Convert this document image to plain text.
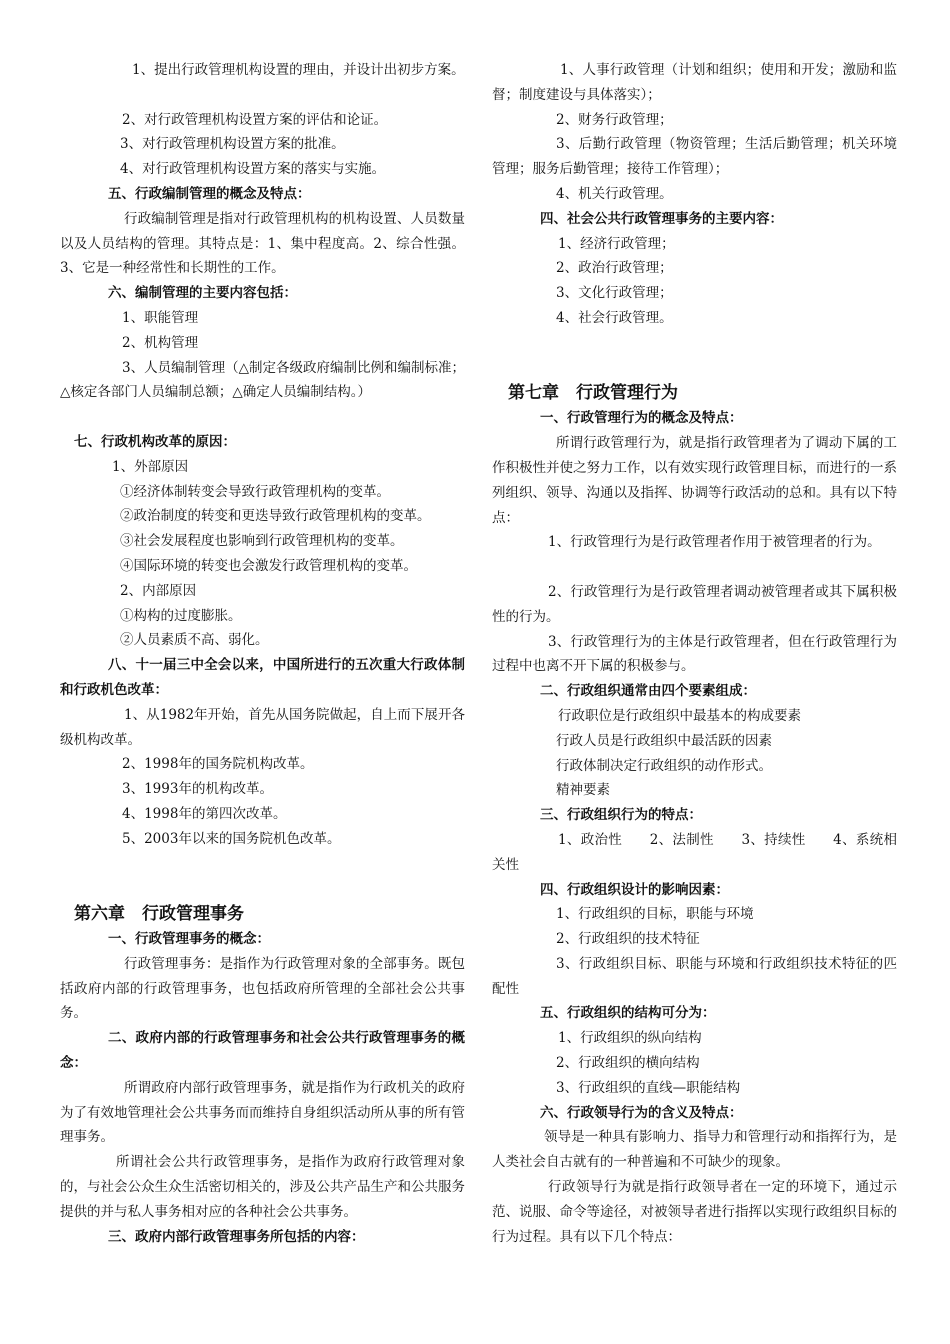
1、提出行政管理机构设置的理由，并设计出初步方案。
2、对行政管理机构设置方案的评估和论证。
3、对行政管理机构设置方案的批准。
4、对行政管理机构设置方案的落实与实施。
五、行政编制管理的概念及特点：
行政编制管理是指对行政管理机构的机构设置、人员数量以及人员结构的管理。其特点是：1、集中程度高。2、综合性强。3、它是一种经常性和长期性的工作。
六、编制管理的主要内容包括：
1、职能管理
2、机构管理
3、人员编制管理（△制定各级政府编制比例和编制标准；△核定各部门人员编制总额；△确定人员编制结构。）
七、行政机构改革的原因：
1、外部原因
①经济体制转变会导致行政管理机构的变革。
②政治制度的转变和更迭导致行政管理机构的变革。
③社会发展程度也影响到行政管理机构的变革。
④国际环境的转变也会激发行政管理机构的变革。
2、内部原因
①构构的过度膨胀。
②人员素质不高、弱化。
八、十一届三中全会以来，中国所进行的五次重大行政体制和行政机色改革：
1、从1982年开始，首先从国务院做起，自上而下展开各级机构改革。
2、1998年的国务院机构改革。
3、1993年的机构改革。
4、1998年的第四次改革。
5、2003年以来的国务院机色改革。
第六章　行政管理事务
一、行政管理事务的概念：
行政管理事务：是指作为行政管理对象的全部事务。既包括政府内部的行政管理事务，也包括政府所管理的全部社会公共事务。
二、政府内部的行政管理事务和社会公共行政管理事务的概念：
所谓政府内部行政管理事务，就是指作为行政机关的政府为了有效地管理社会公共事务而而维持自身组织活动所从事的所有管理事务。
所谓社会公共行政管理事务，是指作为政府行政管理对象的，与社会公众生众生活密切相关的，涉及公共产品生产和公共服务提供的并与私人事务相对应的各种社会公共事务。
三、政府内部行政管理事务所包括的内容：
1、人事行政管理（计划和组织；使用和开发；激励和监督；制度建设与具体落实）；
2、财务行政管理；
3、后勤行政管理（物资管理；生活后勤管理；机关环境管理；服务后勤管理；接待工作管理）；
4、机关行政管理。
四、社会公共行政管理事务的主要内容：
1、经济行政管理；
2、政治行政管理；
3、文化行政管理；
4、社会行政管理。
第七章　行政管理行为
一、行政管理行为的概念及特点：
所谓行政管理行为，就是指行政管理者为了调动下属的工作积极性并使之努力工作，以有效实现行政管理目标，而进行的一系列组织、领导、沟通以及指挥、协调等行政活动的总和。具有以下特点：
1、行政管理行为是行政管理者作用于被管理者的行为。
2、行政管理行为是行政管理者调动被管理者或其下属积极性的行为。
3、行政管理行为的主体是行政管理者，但在行政管理行为过程中也离不开下属的积极参与。
二、行政组织通常由四个要素组成：
行政职位是行政组织中最基本的构成要素
行政人员是行政组织中最活跃的因素
行政体制决定行政组织的动作形式。
精神要素
三、行政组织行为的特点：
1、政治性　　2、法制性　　3、持续性　　4、系统相关性
四、行政组织设计的影响因素：
1、行政组织的目标，职能与环境
2、行政组织的技术特征
3、行政组织目标、职能与环境和行政组织技术特征的匹配性
五、行政组织的结构可分为：
1、行政组织的纵向结构
2、行政组织的横向结构
3、行政组织的直线—职能结构
六、行政领导行为的含义及特点：
领导是一种具有影响力、指导力和管理行动和指挥行为，是人类社会自古就有的一种普遍和不可缺少的现象。
行政领导行为就是指行政领导者在一定的环境下，通过示范、说服、命令等途径，对被领导者进行指挥以实现行政组织目标的行为过程。具有以下几个特点：
